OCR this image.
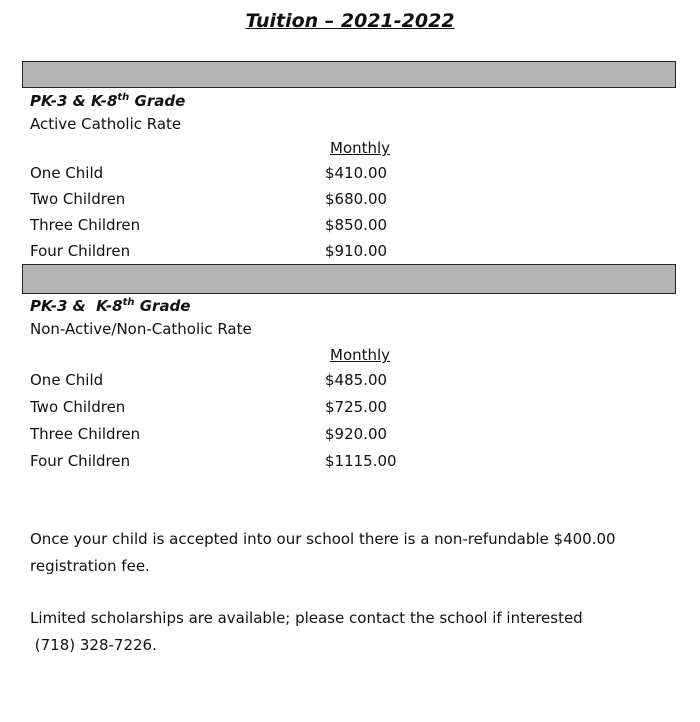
Tuition – 2021-2022
PK-3 & K-8th Grade
Active Catholic Rate
Monthly
One Child	$410.00
Two Children	$680.00
Three Children	$850.00
Four Children	$910.00
PK-3 &  K-8th Grade
Non-Active/Non-Catholic Rate
Monthly
One Child	$485.00
Two Children	$725.00
Three Children	$920.00
Four Children	$1115.00
Once your child is accepted into our school there is a non-refundable $400.00
registration fee.
Limited scholarships are available; please contact the school if interested
(718) 328-7226.
